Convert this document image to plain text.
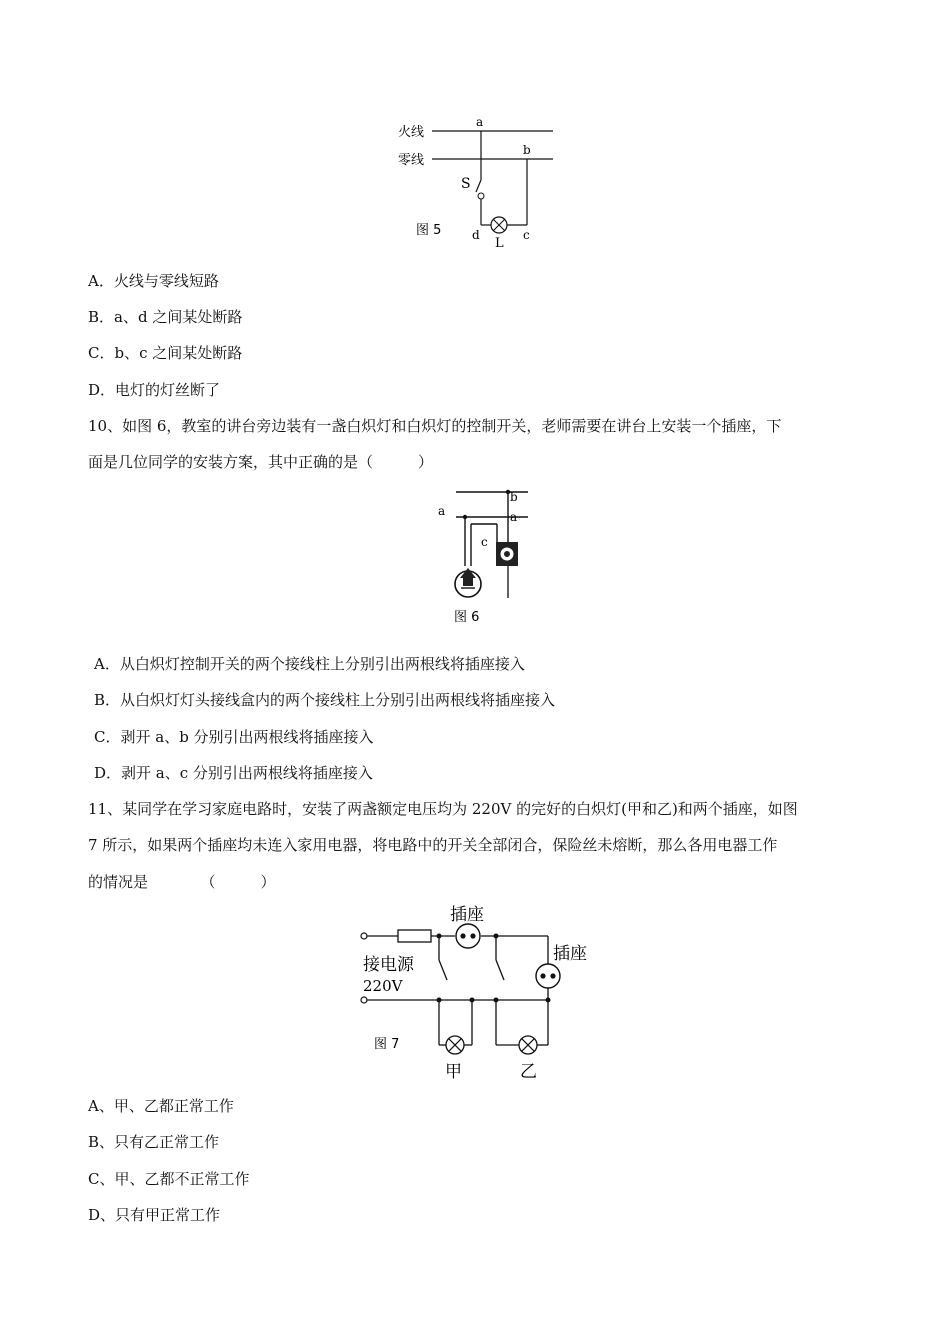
火线
零线
a
b
S
d
L
c
图 5
A．火线与零线短路
B．a、d 之间某处断路
C．b、c 之间某处断路
D．电灯的灯丝断了
10、如图 6，教室的讲台旁边装有一盏白炽灯和白炽灯的控制开关，老师需要在讲台上安装一个插座，下
面是几位同学的安装方案，其中正确的是（　　　）
b
a
a
c
图 6
A．从白炽灯控制开关的两个接线柱上分别引出两根线将插座接入
B．从白炽灯灯头接线盒内的两个接线柱上分别引出两根线将插座接入
C．剥开 a、b 分别引出两根线将插座接入
D．剥开 a、c 分别引出两根线将插座接入
11、某同学在学习家庭电路时，安装了两盏额定电压均为 220V 的完好的白炽灯(甲和乙)和两个插座，如图
7 所示，如果两个插座均未连入家用电器，将电路中的开关全部闭合，保险丝未熔断，那么各用电器工作
的情况是　　　　（　　　）
插座
插座
接电源
220V
甲	乙
图 7
A、甲、乙都正常工作
B、只有乙正常工作
C、甲、乙都不正常工作
D、只有甲正常工作
